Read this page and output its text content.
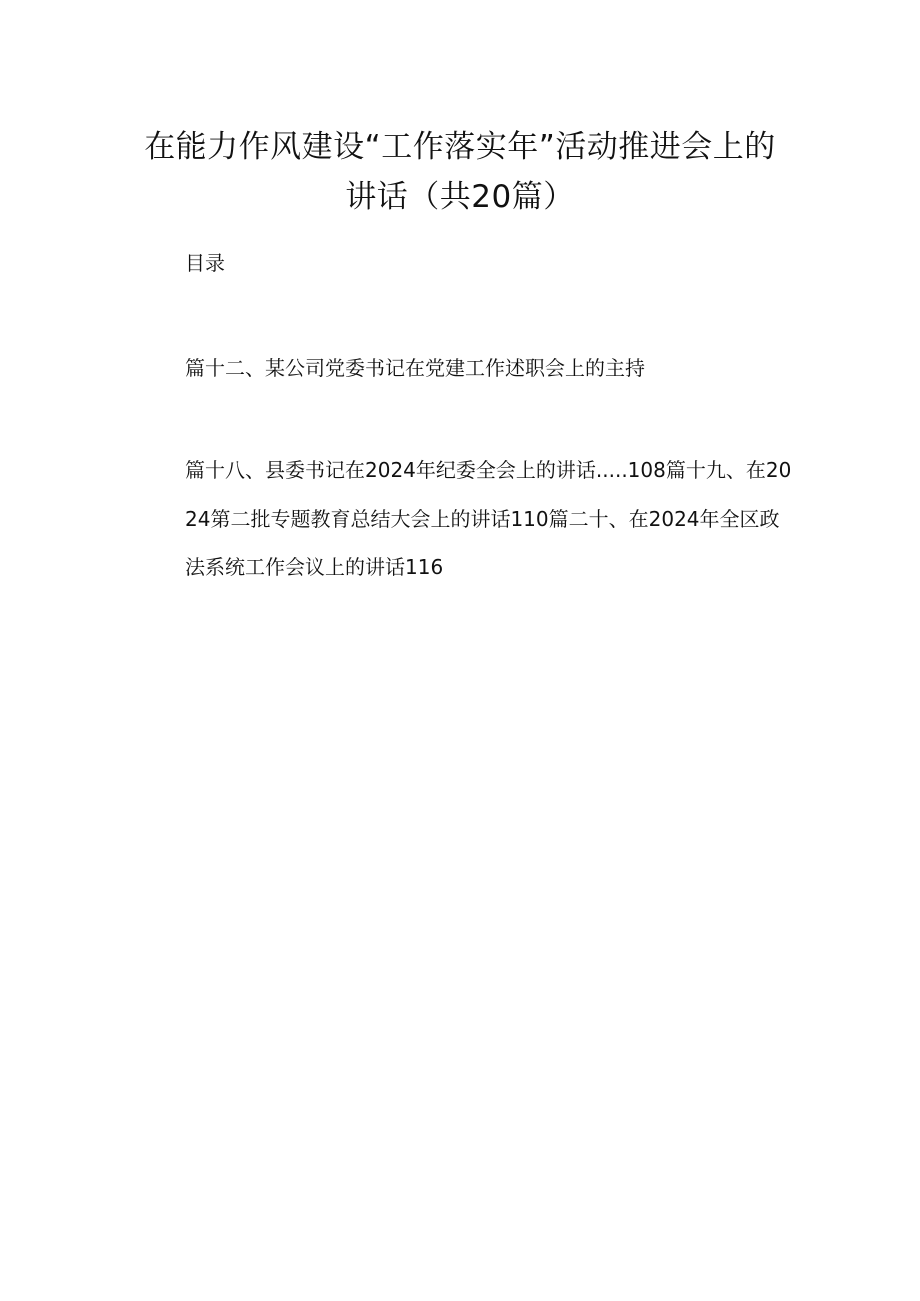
在能力作风建设“工作落实年”活动推进会上的讲话（共20篇）

目录

篇十二、某公司党委书记在党建工作述职会上的主持

篇十八、县委书记在2024年纪委全会上的讲话.....108篇十九、在2024第二批专题教育总结大会上的讲话110篇二十、在2024年全区政法系统工作会议上的讲话116
